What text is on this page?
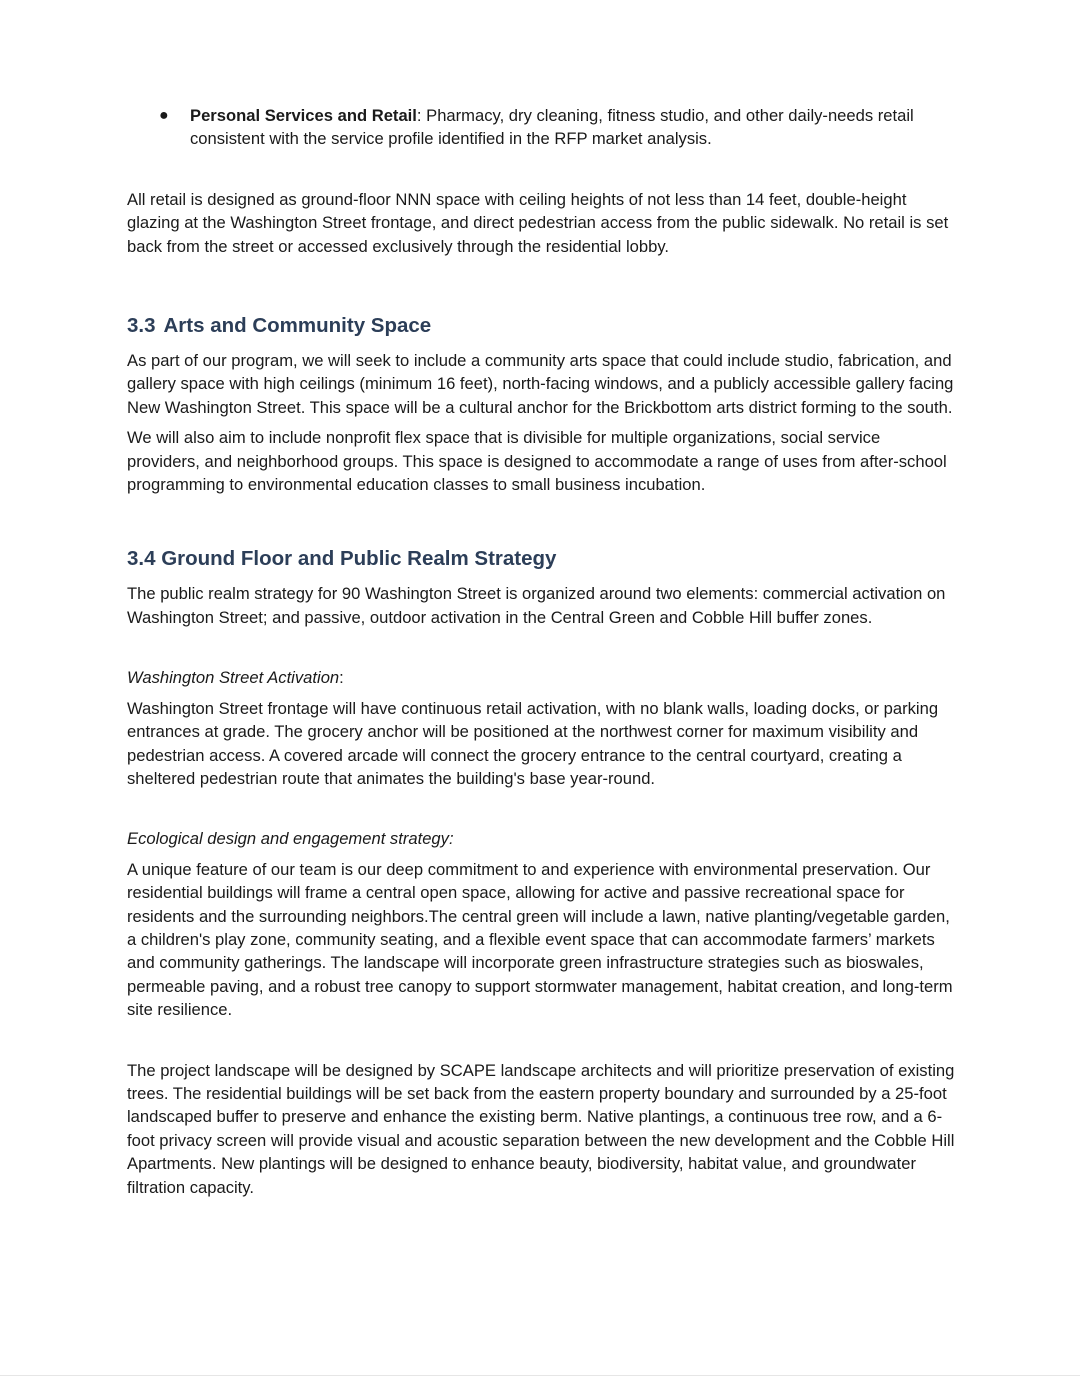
● Personal Services and Retail: Pharmacy, dry cleaning, fitness studio, and other daily-needs retail consistent with the service profile identified in the RFP market analysis.

All retail is designed as ground-floor NNN space with ceiling heights of not less than 14 feet, double-height glazing at the Washington Street frontage, and direct pedestrian access from the public sidewalk. No retail is set back from the street or accessed exclusively through the residential lobby.

3.3 Arts and Community Space

As part of our program, we will seek to include a community arts space that could include studio, fabrication, and gallery space with high ceilings (minimum 16 feet), north-facing windows, and a publicly accessible gallery facing New Washington Street. This space will be a cultural anchor for the Brickbottom arts district forming to the south.

We will also aim to include nonprofit flex space that is divisible for multiple organizations, social service providers, and neighborhood groups. This space is designed to accommodate a range of uses from after-school programming to environmental education classes to small business incubation.

3.4 Ground Floor and Public Realm Strategy

The public realm strategy for 90 Washington Street is organized around two elements: commercial activation on Washington Street; and passive, outdoor activation in the Central Green and Cobble Hill buffer zones.

Washington Street Activation:

Washington Street frontage will have continuous retail activation, with no blank walls, loading docks, or parking entrances at grade. The grocery anchor will be positioned at the northwest corner for maximum visibility and pedestrian access. A covered arcade will connect the grocery entrance to the central courtyard, creating a sheltered pedestrian route that animates the building's base year-round.

Ecological design and engagement strategy:

A unique feature of our team is our deep commitment to and experience with environmental preservation. Our residential buildings will frame a central open space, allowing for active and passive recreational space for residents and the surrounding neighbors.The central green will include a lawn, native planting/vegetable garden, a children's play zone, community seating, and a flexible event space that can accommodate farmers’ markets and community gatherings. The landscape will incorporate green infrastructure strategies such as bioswales, permeable paving, and a robust tree canopy to support stormwater management, habitat creation, and long-term site resilience.

The project landscape will be designed by SCAPE landscape architects and will prioritize preservation of existing trees. The residential buildings will be set back from the eastern property boundary and surrounded by a 25-foot landscaped buffer to preserve and enhance the existing berm. Native plantings, a continuous tree row, and a 6-foot privacy screen will provide visual and acoustic separation between the new development and the Cobble Hill Apartments. New plantings will be designed to enhance beauty, biodiversity, habitat value, and groundwater filtration capacity.
